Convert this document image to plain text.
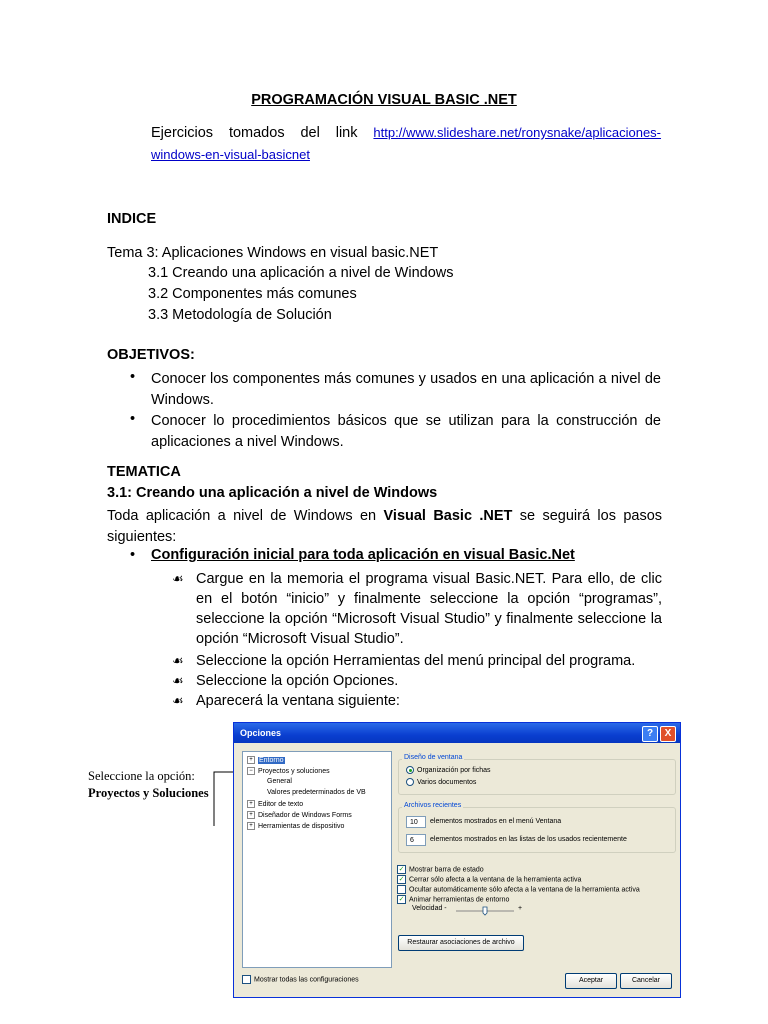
PROGRAMACIÓN VISUAL BASIC .NET
Ejercicios tomados del link http://www.slideshare.net/ronysnake/aplicaciones-windows-en-visual-basicnet
INDICE
Tema 3: Aplicaciones Windows en visual basic.NET
3.1 Creando una aplicación a nivel de Windows
3.2 Componentes más comunes
3.3 Metodología de Solución
OBJETIVOS:
• Conocer los componentes más comunes y usados en una aplicación a nivel de Windows.
• Conocer lo procedimientos básicos que se utilizan para la construcción de aplicaciones a nivel Windows.
TEMATICA
3.1: Creando una aplicación a nivel de Windows
Toda aplicación a nivel de Windows en Visual Basic .NET se seguirá los pasos siguientes:
• Configuración inicial para toda aplicación en visual Basic.Net
☙ Cargue en la memoria el programa visual Basic.NET. Para ello, de clic en el botón “inicio” y finalmente seleccione la opción “programas”, seleccione la opción “Microsoft Visual Studio” y finalmente seleccione la opción “Microsoft Visual Studio”.
☙ Seleccione la opción Herramientas del menú principal del programa.
☙ Seleccione la opción Opciones.
☙ Aparecerá la ventana siguiente:
Seleccione la opción:
Proyectos y Soluciones
Opciones	?	X
+ Entorno
− Proyectos y soluciones
General
Valores predeterminados de VB
+ Editor de texto
+ Diseñador de Windows Forms
+ Herramientas de dispositivo
Diseño de ventana
Organización por fichas
Varios documentos
Archivos recientes
10	elementos mostrados en el menú Ventana
6	elementos mostrados en las listas de los usados recientemente
✓ Mostrar barra de estado
✓ Cerrar sólo afecta a la ventana de la herramienta activa
Ocultar automáticamente sólo afecta a la ventana de la herramienta activa
✓ Animar herramientas de entorno
Velocidad -	+
Restaurar asociaciones de archivo
Mostrar todas las configuraciones	Aceptar	Cancelar
